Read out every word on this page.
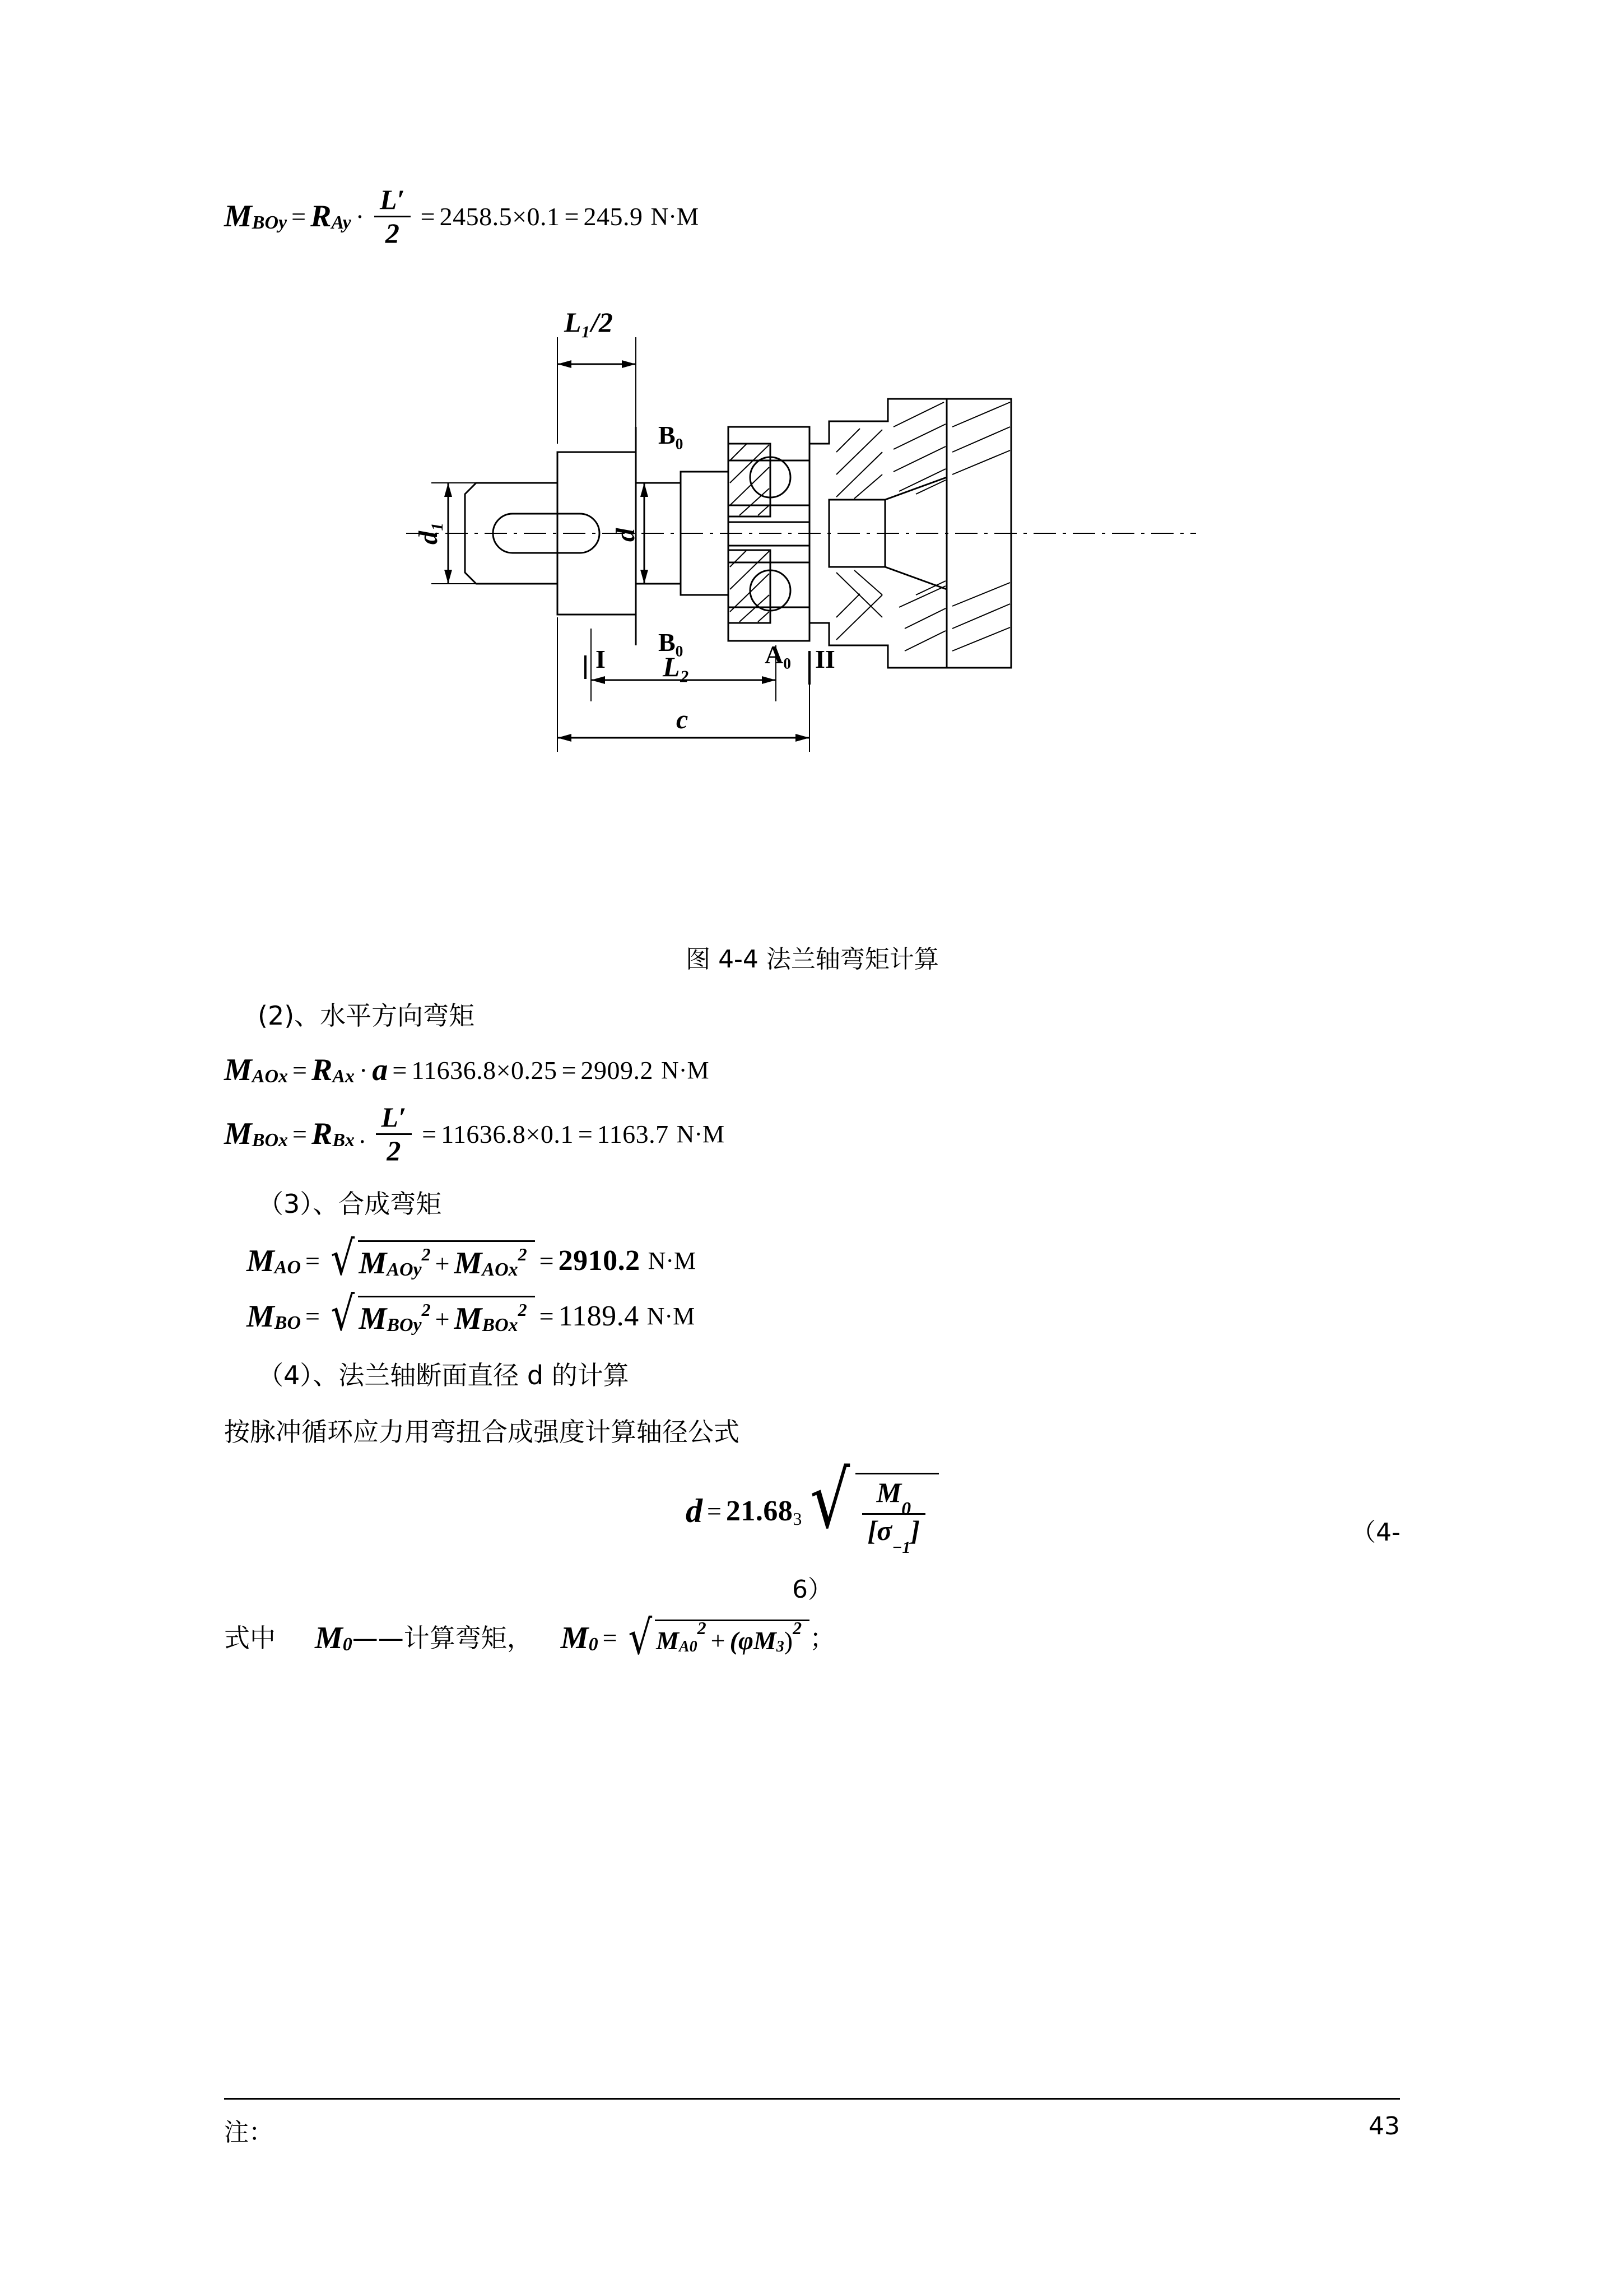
M BOy = R $Ay \cdot \frac{L'}{2} = 2458.5\times 0.1 = 245.9$ N·M
L₁/2
B₀
B₀
d₁	d
I L₂	A₀ II
c
图 4-4 法兰轴弯矩计算

(2)、水平方向弯矩

M AOx = R Ax · a = 11636.8×0.25 = 2909.2 N·M
M BOx = R Bx . $\frac{L'}{2} = 11636.8\times 0.1 = 1163.7$ N·M

（3）、合成弯矩

M AO = √ M AOy
2 + M AOx
2 = 2910.2 N·M
M BO = √ M BOy
2 + M BOx
2 = 1189.4 N·M

（4）、法兰轴断面直径 d 的计算

按脉冲循环应力用弯扭合成强度计算轴径公式

d = 21.68 3 √ $\frac{M_0}{[\sigma_{-1}]}$	（4-
6）
式中 M 0 ——计算弯矩， M 0 = √ M A0
2 + (φM 3 ) 2 ；
注：	43
